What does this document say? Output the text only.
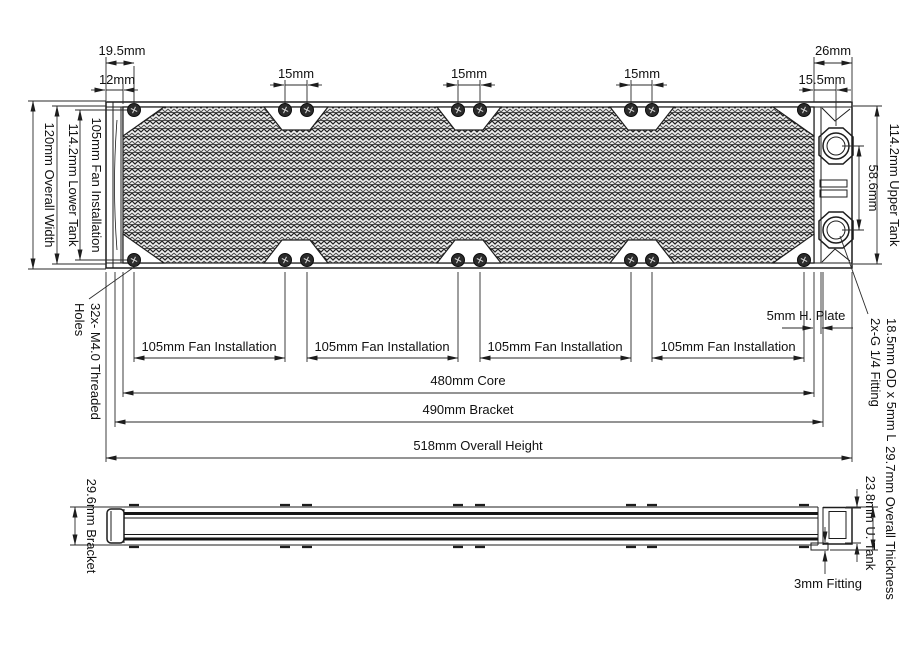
19.5mm
12mm	15mm	15mm	15mm
26mm
15.5mm
120mm Overall Width 114.2mm Lower Tank 105mm Fan Installation	114.2mm Upper Tank
58.6mm
2x-G 1/4 Fitting 18.5mm OD x 5mm L
32x- M4.0 Threaded
Holes	5mm H. Plate
105mm Fan Installation	105mm Fan Installation	105mm Fan Installation	105mm Fan Installation
480mm Core
490mm Bracket
518mm Overall Height
29.6mm Bracket	23.8mm U. Tank 29.7mm Overall Thickness
3mm Fitting
